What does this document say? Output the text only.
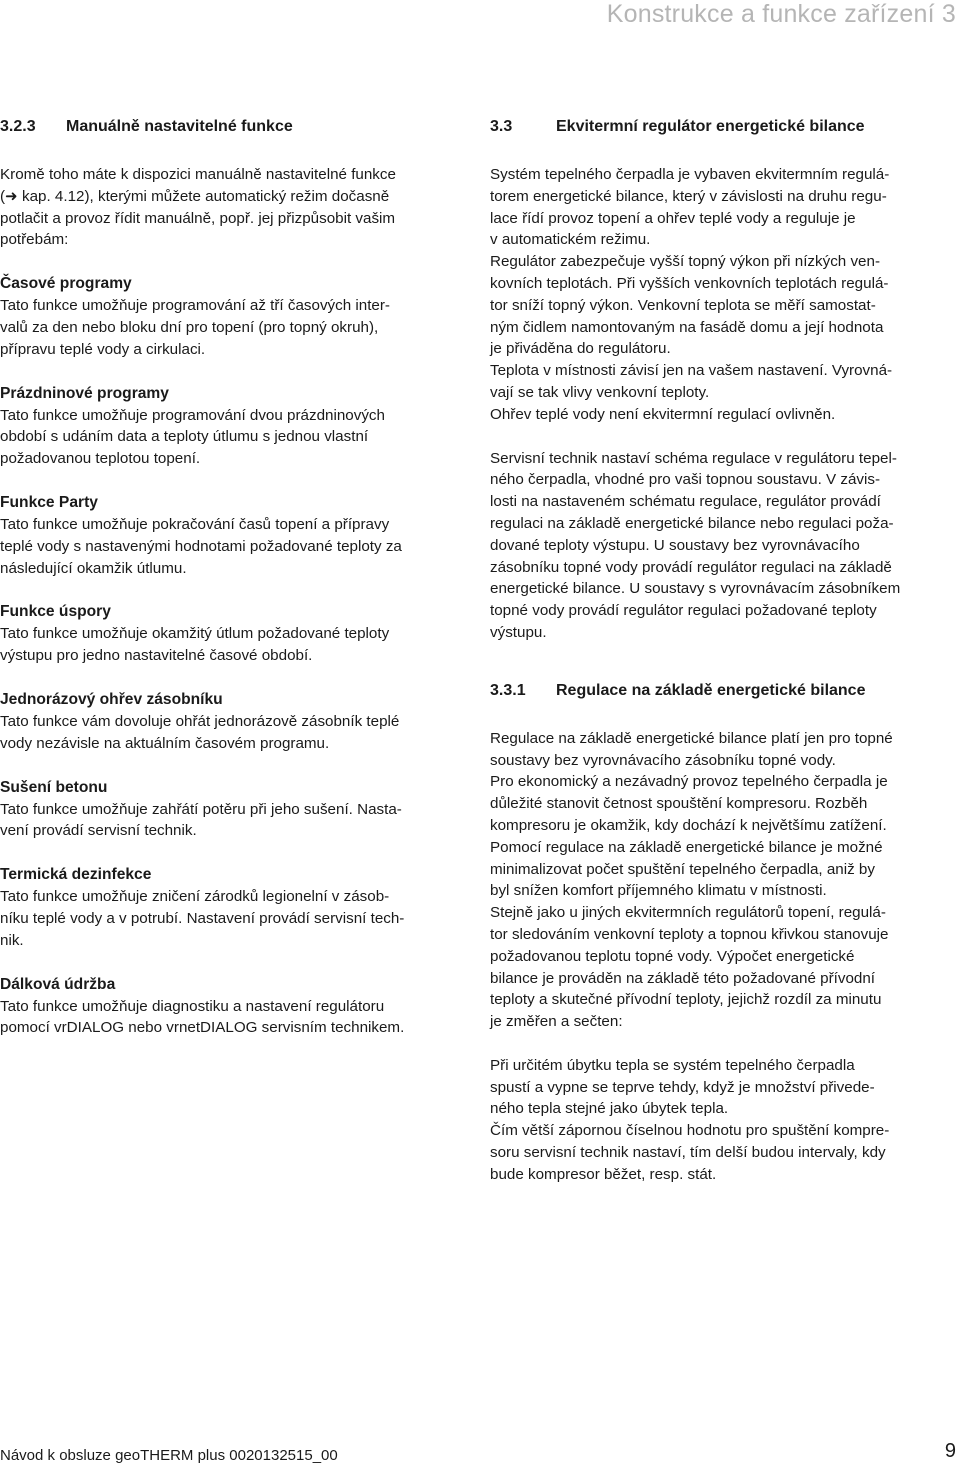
Konstrukce a funkce zařízení 3
3.2.3 Manuálně nastavitelné funkce
Kromě toho máte k dispozici manuálně nastavitelné funkce
(➜ kap. 4.12), kterými můžete automatický režim dočasně
potlačit a provoz řídit manuálně, popř. jej přizpůsobit vašim
potřebám:
Časové programy
Tato funkce umožňuje programování až tří časových inter-
valů za den nebo bloku dní pro topení (pro topný okruh),
přípravu teplé vody a cirkulaci.
Prázdninové programy
Tato funkce umožňuje programování dvou prázdninových
období s udáním data a teploty útlumu s jednou vlastní
požadovanou teplotou topení.
Funkce Party
Tato funkce umožňuje pokračování časů topení a přípravy
teplé vody s nastavenými hodnotami požadované teploty za
následující okamžik útlumu.
Funkce úspory
Tato funkce umožňuje okamžitý útlum požadované teploty
výstupu pro jedno nastavitelné časové období.
Jednorázový ohřev zásobníku
Tato funkce vám dovoluje ohřát jednorázově zásobník teplé
vody nezávisle na aktuálním časovém programu.
Sušení betonu
Tato funkce umožňuje zahřátí potěru při jeho sušení. Nasta-
vení provádí servisní technik.
Termická dezinfekce
Tato funkce umožňuje zničení zárodků legionelní v zásob-
níku teplé vody a v potrubí. Nastavení provádí servisní tech-
nik.
Dálková údržba
Tato funkce umožňuje diagnostiku a nastavení regulátoru
pomocí vrDIALOG nebo vrnetDIALOG servisním technikem.
3.3	Ekvitermní regulátor energetické bilance
Systém tepelného čerpadla je vybaven ekvitermním regulá-
torem energetické bilance, který v závislosti na druhu regu-
lace řídí provoz topení a ohřev teplé vody a reguluje je
v automatickém režimu.
Regulátor zabezpečuje vyšší topný výkon při nízkých ven-
kovních teplotách. Při vyšších venkovních teplotách regulá-
tor sníží topný výkon. Venkovní teplota se měří samostat-
ným čidlem namontovaným na fasádě domu a její hodnota
je přiváděna do regulátoru.
Teplota v místnosti závisí jen na vašem nastavení. Vyrovná-
vají se tak vlivy venkovní teploty.
Ohřev teplé vody není ekvitermní regulací ovlivněn.
Servisní technik nastaví schéma regulace v regulátoru tepel-
ného čerpadla, vhodné pro vaši topnou soustavu. V závis-
losti na nastaveném schématu regulace, regulátor provádí
regulaci na základě energetické bilance nebo regulaci poža-
dované teploty výstupu. U soustavy bez vyrovnávacího
zásobníku topné vody provádí regulátor regulaci na základě
energetické bilance. U soustavy s vyrovnávacím zásobníkem
topné vody provádí regulátor regulaci požadované teploty
výstupu.
3.3.1 Regulace na základě energetické bilance
Regulace na základě energetické bilance platí jen pro topné
soustavy bez vyrovnávacího zásobníku topné vody.
Pro ekonomický a nezávadný provoz tepelného čerpadla je
důležité stanovit četnost spouštění kompresoru. Rozběh
kompresoru je okamžik, kdy dochází k největšímu zatížení.
Pomocí regulace na základě energetické bilance je možné
minimalizovat počet spuštění tepelného čerpadla, aniž by
byl snížen komfort příjemného klimatu v místnosti.
Stejně jako u jiných ekvitermních regulátorů topení, regulá-
tor sledováním venkovní teploty a topnou křivkou stanovuje
požadovanou teplotu topné vody. Výpočet energetické
bilance je prováděn na základě této požadované přívodní
teploty a skutečné přívodní teploty, jejichž rozdíl za minutu
je změřen a sečten:
Při určitém úbytku tepla se systém tepelného čerpadla
spustí a vypne se teprve tehdy, když je množství přivede-
ného tepla stejné jako úbytek tepla.
Čím větší zápornou číselnou hodnotu pro spuštění kompre-
soru servisní technik nastaví, tím delší budou intervaly, kdy
bude kompresor běžet, resp. stát.
Návod k obsluze geoTHERM plus 0020132515_00	9
